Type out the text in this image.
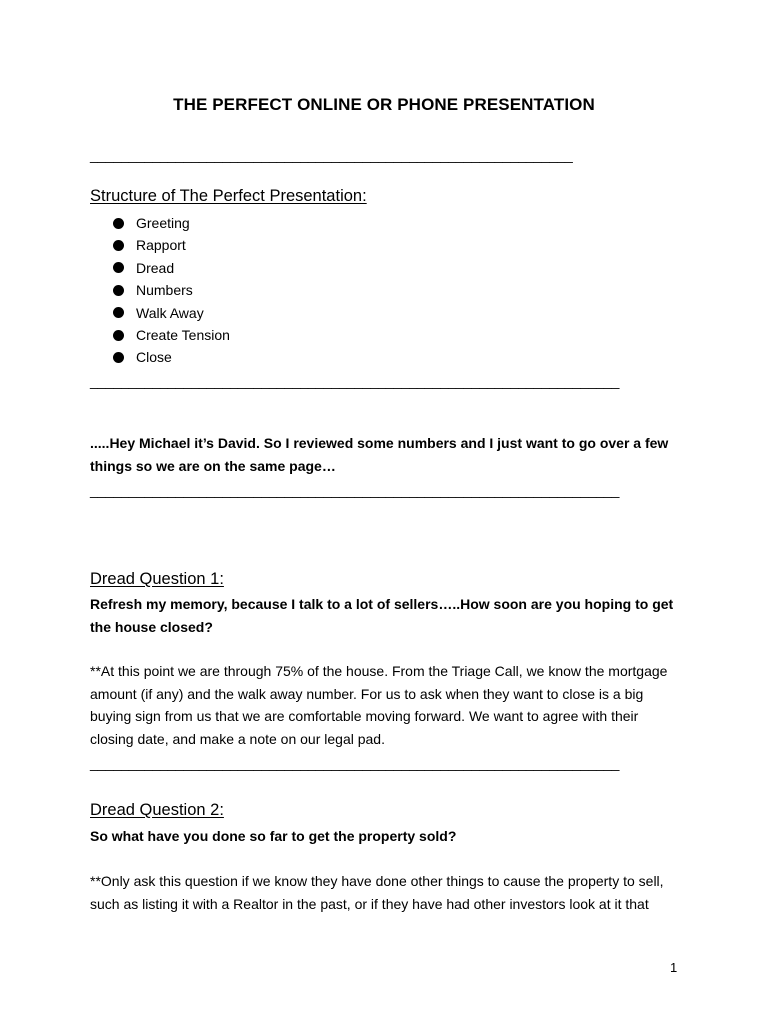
THE PERFECT ONLINE OR PHONE PRESENTATION
______________________________________________________________
Structure of The Perfect Presentation:
Greeting
Rapport
Dread
Numbers
Walk Away
Create Tension
Close
____________________________________________________________________
.....Hey Michael it’s David. So I reviewed some numbers and I just want to go over a few things so we are on the same page…
____________________________________________________________________
Dread Question 1:
Refresh my memory, because I talk to a lot of sellers…..How soon are you hoping to get the house closed?
**At this point we are through 75% of the house. From the Triage Call, we know the mortgage amount (if any) and the walk away number. For us to ask when they want to close is a big buying sign from us that we are comfortable moving forward. We want to agree with their closing date, and make a note on our legal pad.
____________________________________________________________________
Dread Question 2:
So what have you done so far to get the property sold?
**Only ask this question if we know they have done other things to cause the property to sell, such as listing it with a Realtor in the past, or if they have had other investors look at it that
1
